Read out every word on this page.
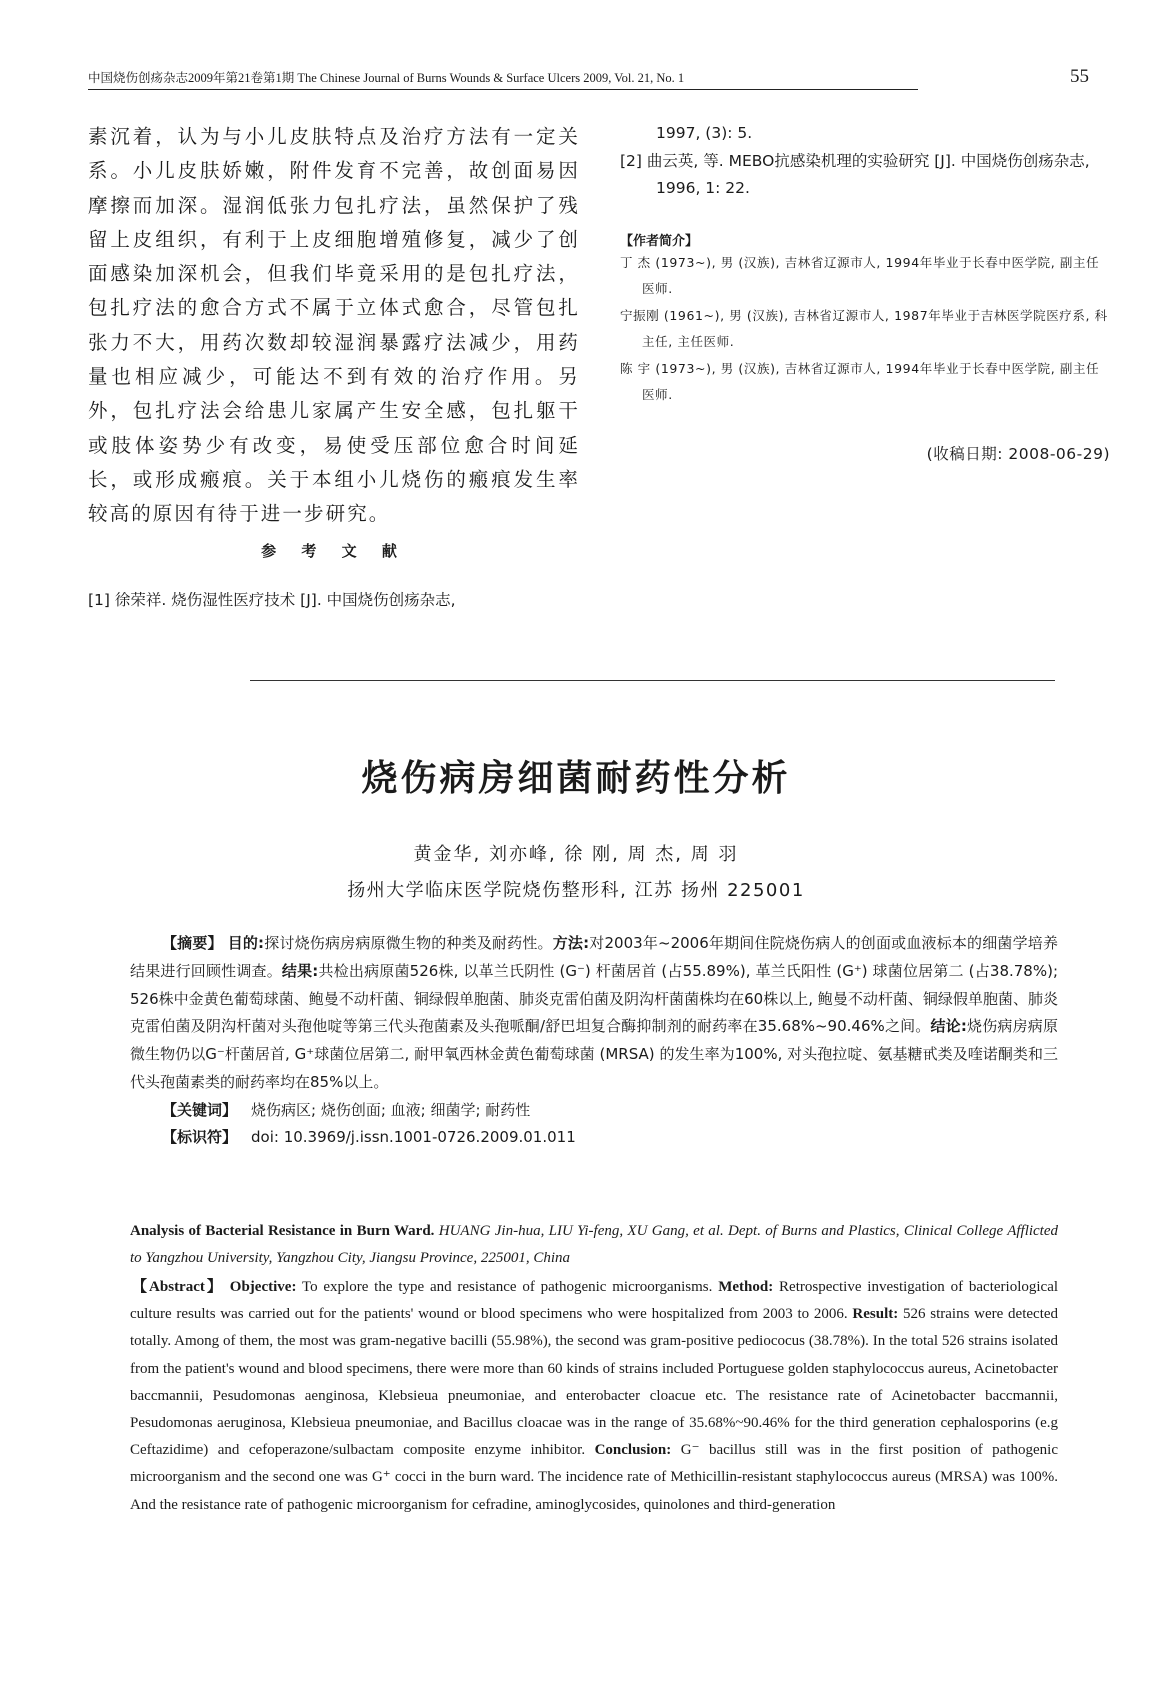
中国烧伤创疡杂志2009年第21卷第1期 The Chinese Journal of Burns Wounds & Surface Ulcers 2009, Vol. 21, No. 1	55

素沉着，认为与小儿皮肤特点及治疗方法有一定关系。小儿皮肤娇嫩，附件发育不完善，故创面易因摩擦而加深。湿润低张力包扎疗法，虽然保护了残留上皮组织，有利于上皮细胞增殖修复，减少了创面感染加深机会，但我们毕竟采用的是包扎疗法，包扎疗法的愈合方式不属于立体式愈合，尽管包扎张力不大，用药次数却较湿润暴露疗法减少，用药量也相应减少，可能达不到有效的治疗作用。另外，包扎疗法会给患儿家属产生安全感，包扎躯干或肢体姿势少有改变，易使受压部位愈合时间延长，或形成瘢痕。关于本组小儿烧伤的瘢痕发生率较高的原因有待于进一步研究。

参 考 文 献
[1] 徐荣祥. 烧伤湿性医疗技术 [J]. 中国烧伤创疡杂志,
1997, (3): 5.
[2] 曲云英, 等. MEBO抗感染机理的实验研究 [J]. 中国烧伤创疡杂志, 1996, 1: 22.
【作者简介】
丁 杰 (1973~), 男 (汉族), 吉林省辽源市人, 1994年毕业于长春中医学院, 副主任医师.
宁振刚 (1961~), 男 (汉族), 吉林省辽源市人, 1987年毕业于吉林医学院医疗系, 科主任, 主任医师.
陈 宇 (1973~), 男 (汉族), 吉林省辽源市人, 1994年毕业于长春中医学院, 副主任医师.
(收稿日期: 2008-06-29)
烧伤病房细菌耐药性分析
黄金华, 刘亦峰, 徐 刚, 周 杰, 周 羽
扬州大学临床医学院烧伤整形科, 江苏 扬州 225001

【摘要】 目的:探讨烧伤病房病原微生物的种类及耐药性。方法:对2003年~2006年期间住院烧伤病人的创面或血液标本的细菌学培养结果进行回顾性调查。结果:共检出病原菌526株, 以革兰氏阴性 (G⁻) 杆菌居首 (占55.89%), 革兰氏阳性 (G⁺) 球菌位居第二 (占38.78%); 526株中金黄色葡萄球菌、鲍曼不动杆菌、铜绿假单胞菌、肺炎克雷伯菌及阴沟杆菌菌株均在60株以上, 鲍曼不动杆菌、铜绿假单胞菌、肺炎克雷伯菌及阴沟杆菌对头孢他啶等第三代头孢菌素及头孢哌酮/舒巴坦复合酶抑制剂的耐药率在35.68%~90.46%之间。结论:烧伤病房病原微生物仍以G⁻杆菌居首, G⁺球菌位居第二, 耐甲氧西林金黄色葡萄球菌 (MRSA) 的发生率为100%, 对头孢拉啶、氨基糖甙类及喹诺酮类和三代头孢菌素类的耐药率均在85%以上。

【关键词】 烧伤病区; 烧伤创面; 血液; 细菌学; 耐药性
【标识符】 doi: 10.3969/j.issn.1001-0726.2009.01.011

Analysis of Bacterial Resistance in Burn Ward. HUANG Jin-hua, LIU Yi-feng, XU Gang, et al. Dept. of Burns and Plastics, Clinical College Afflicted to Yangzhou University, Yangzhou City, Jiangsu Province, 225001, China

【Abstract】 Objective: To explore the type and resistance of pathogenic microorganisms. Method: Retrospective investigation of bacteriological culture results was carried out for the patients' wound or blood specimens who were hospitalized from 2003 to 2006. Result: 526 strains were detected totally. Among of them, the most was gram-negative bacilli (55.98%), the second was gram-positive pediococus (38.78%). In the total 526 strains isolated from the patient's wound and blood specimens, there were more than 60 kinds of strains included Portuguese golden staphylococcus aureus, Acinetobacter baccmannii, Pesudomonas aenginosa, Klebsieua pneumoniae, and enterobacter cloacue etc. The resistance rate of Acinetobacter baccmannii, Pesudomonas aeruginosa, Klebsieua pneumoniae, and Bacillus cloacae was in the range of 35.68%~90.46% for the third generation cephalosporins (e.g Ceftazidime) and cefoperazone/sulbactam composite enzyme inhibitor. Conclusion: G⁻ bacillus still was in the first position of pathogenic microorganism and the second one was G⁺ cocci in the burn ward. The incidence rate of Methicillin-resistant staphylococcus aureus (MRSA) was 100%. And the resistance rate of pathogenic microorganism for cefradine, aminoglycosides, quinolones and third-generation
